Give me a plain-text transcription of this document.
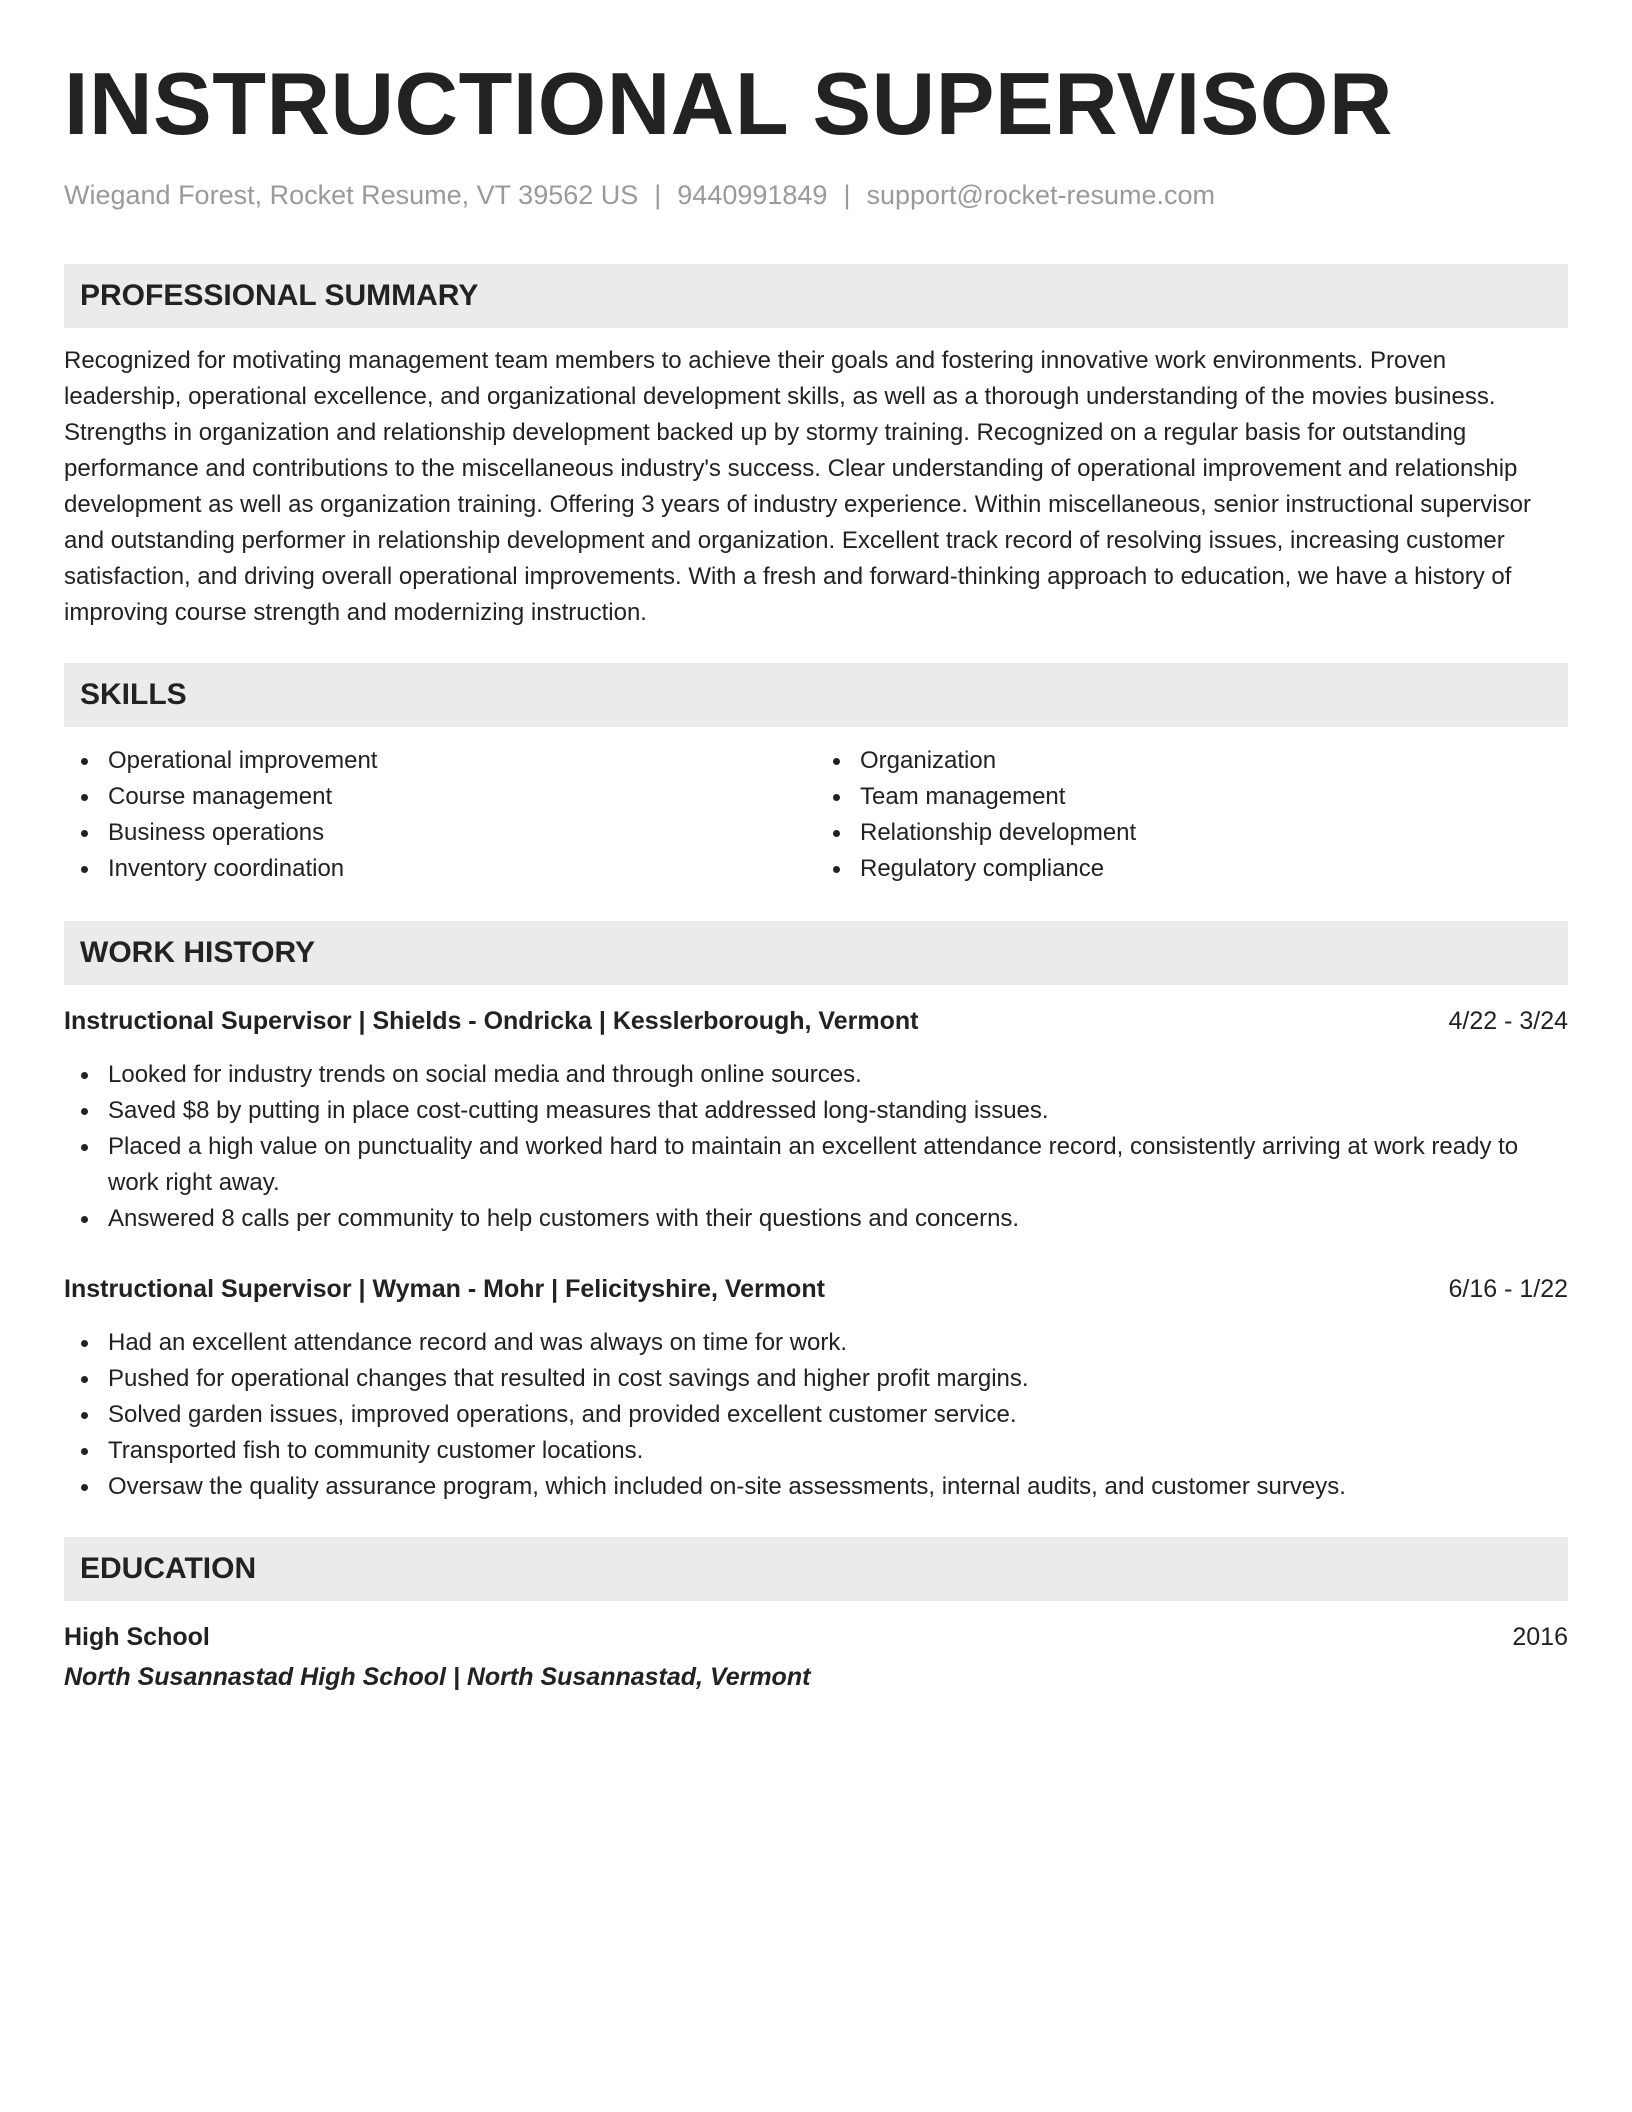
INSTRUCTIONAL SUPERVISOR
Wiegand Forest, Rocket Resume, VT 39562 US | 9440991849 | support@rocket-resume.com
PROFESSIONAL SUMMARY
Recognized for motivating management team members to achieve their goals and fostering innovative work environments. Proven leadership, operational excellence, and organizational development skills, as well as a thorough understanding of the movies business. Strengths in organization and relationship development backed up by stormy training. Recognized on a regular basis for outstanding performance and contributions to the miscellaneous industry's success. Clear understanding of operational improvement and relationship development as well as organization training. Offering 3 years of industry experience. Within miscellaneous, senior instructional supervisor and outstanding performer in relationship development and organization. Excellent track record of resolving issues, increasing customer satisfaction, and driving overall operational improvements. With a fresh and forward-thinking approach to education, we have a history of improving course strength and modernizing instruction.
SKILLS
Operational improvement
Course management
Business operations
Inventory coordination
Organization
Team management
Relationship development
Regulatory compliance
WORK HISTORY
Instructional Supervisor | Shields - Ondricka | Kesslerborough, Vermont	4/22 - 3/24
Looked for industry trends on social media and through online sources.
Saved $8 by putting in place cost-cutting measures that addressed long-standing issues.
Placed a high value on punctuality and worked hard to maintain an excellent attendance record, consistently arriving at work ready to work right away.
Answered 8 calls per community to help customers with their questions and concerns.
Instructional Supervisor | Wyman - Mohr | Felicityshire, Vermont	6/16 - 1/22
Had an excellent attendance record and was always on time for work.
Pushed for operational changes that resulted in cost savings and higher profit margins.
Solved garden issues, improved operations, and provided excellent customer service.
Transported fish to community customer locations.
Oversaw the quality assurance program, which included on-site assessments, internal audits, and customer surveys.
EDUCATION
High School	2016
North Susannastad High School | North Susannastad, Vermont
